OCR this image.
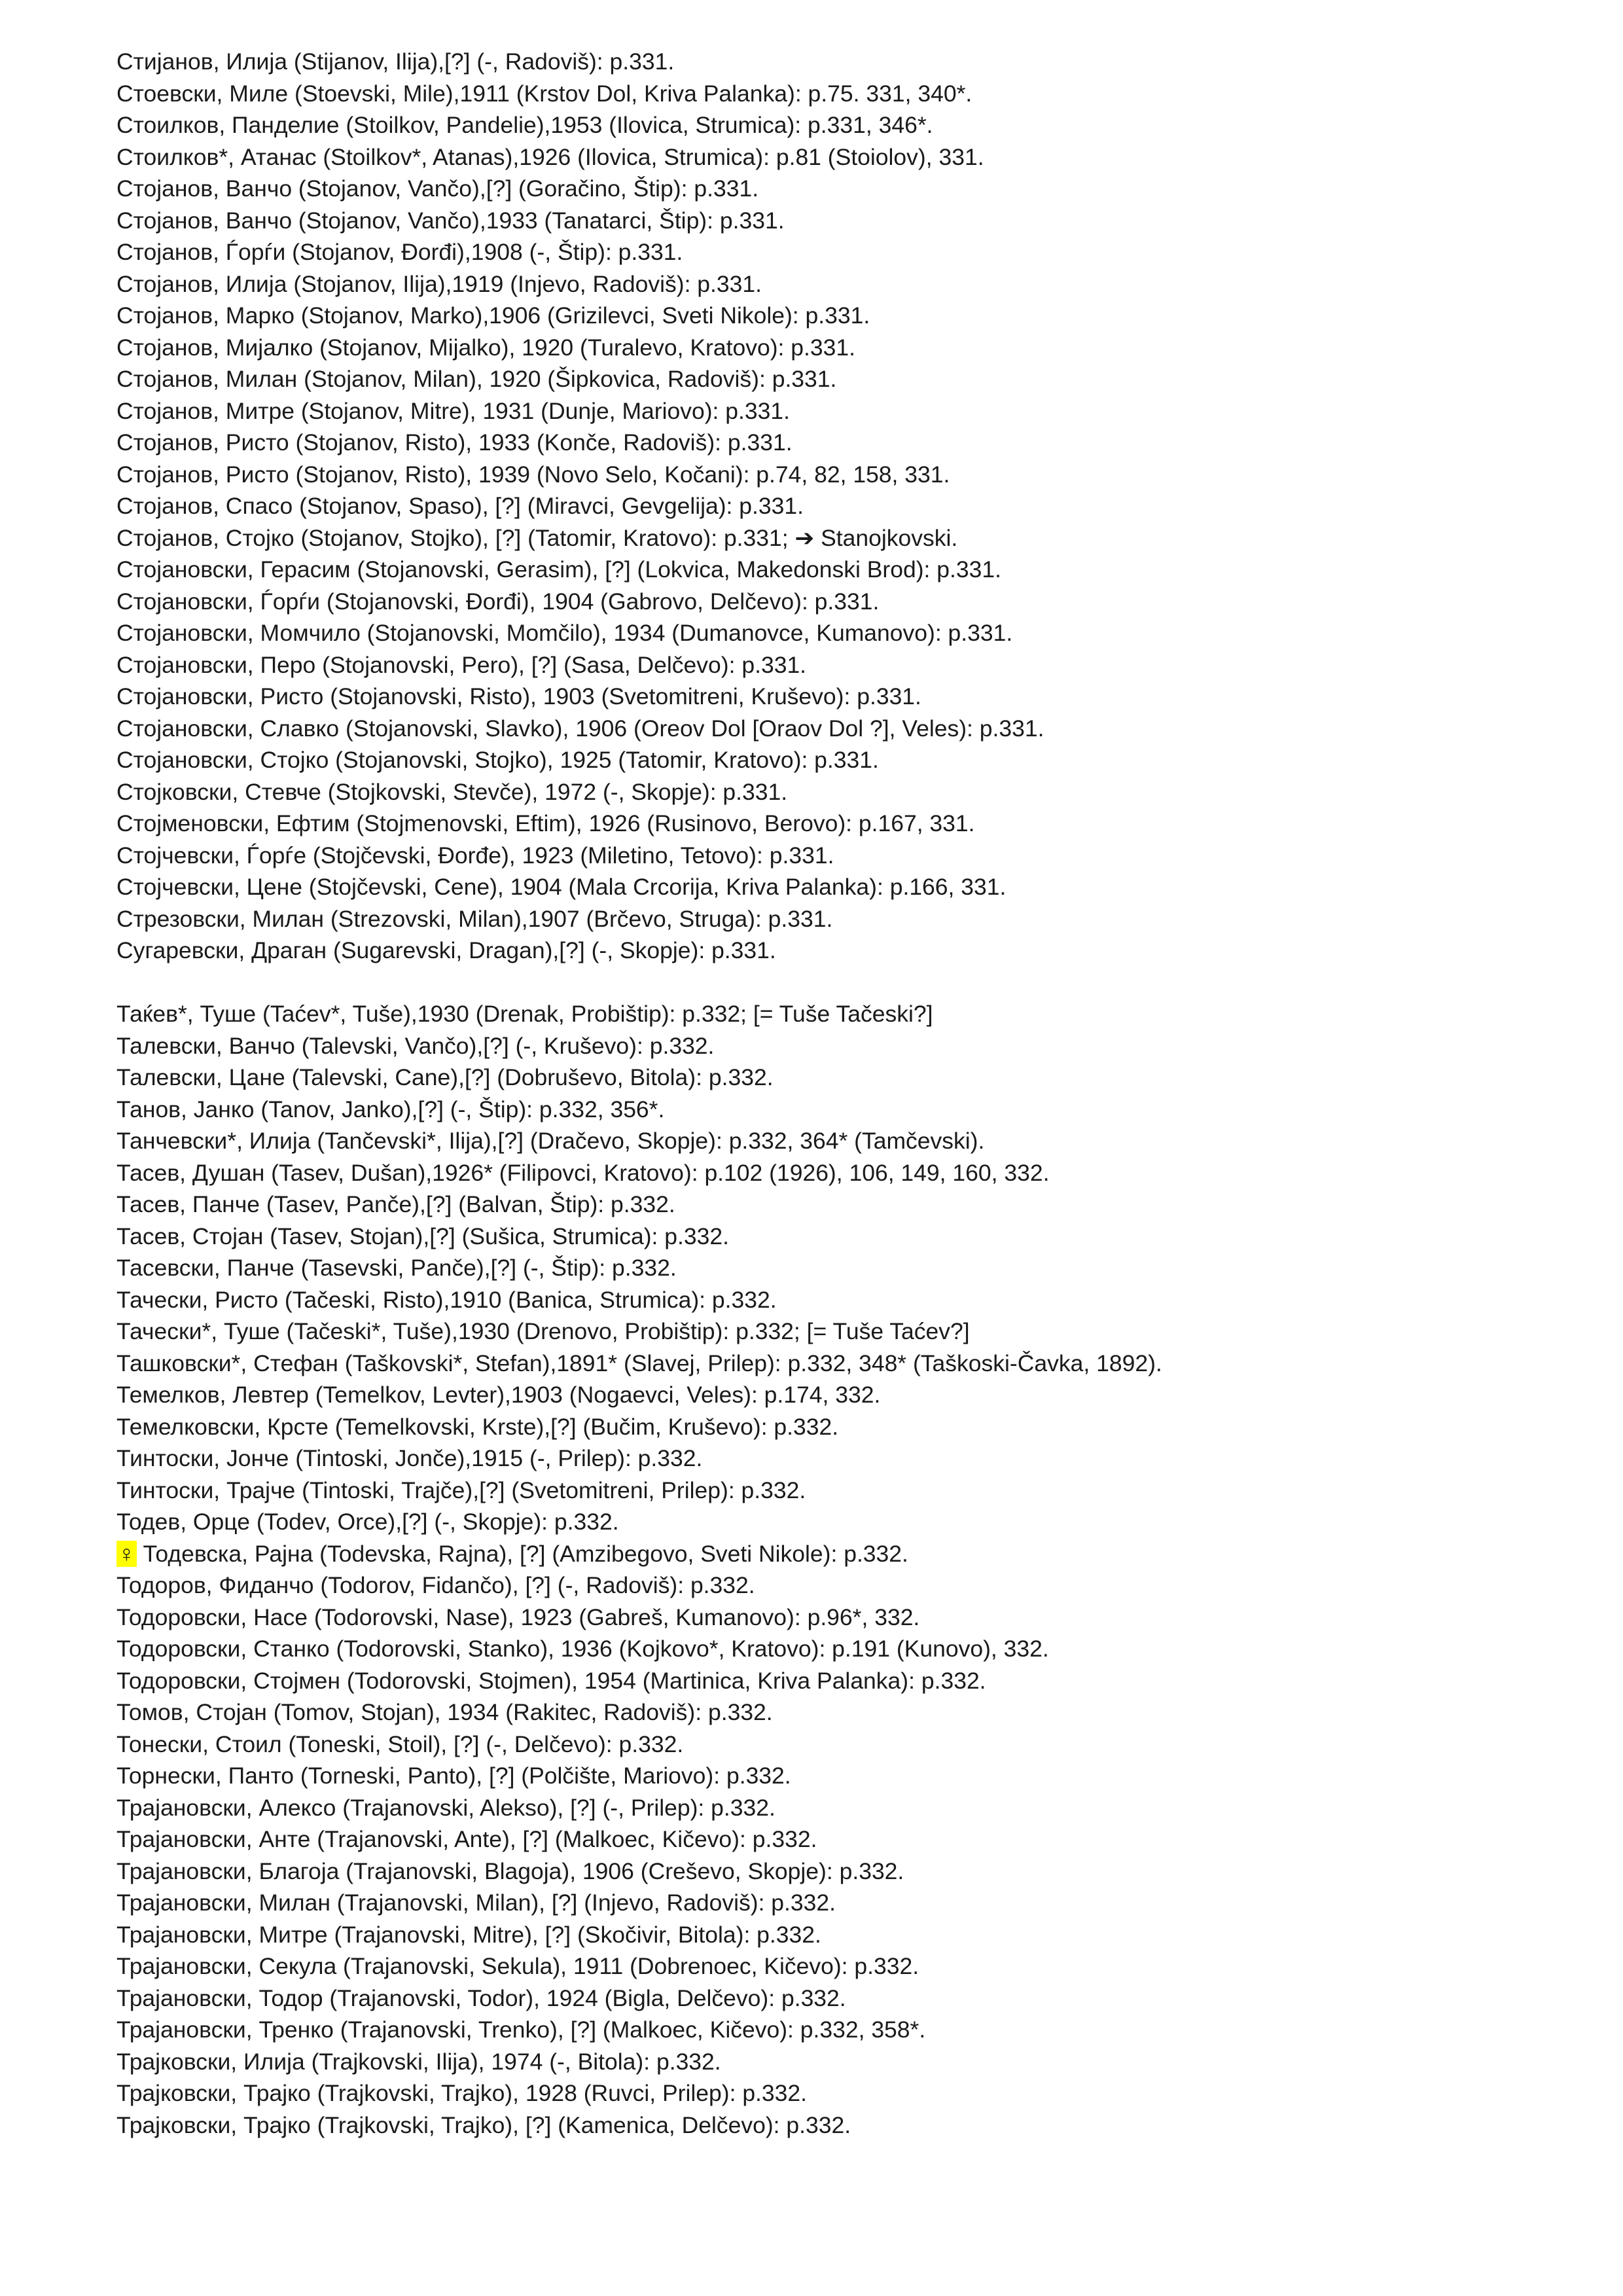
Стијанов, Илија (Stijanov, Ilija),[?] (-, Radoviš): p.331.
Стоевски, Миле (Stoevski, Mile),1911 (Krstov Dol, Kriva Palanka): p.75. 331, 340*.
Стоилков, Панделие (Stoilkov, Pandelie),1953 (Ilovica, Strumica): p.331, 346*.
Стоилков*, Атанас (Stoilkov*, Atanas),1926 (Ilovica, Strumica): p.81 (Stoiolov), 331.
Стојанов, Ванчо (Stojanov, Vančo),[?] (Goračino, Štip): p.331.
Стојанов, Ванчо (Stojanov, Vančo),1933 (Tanatarci, Štip): p.331.
Стојанов, Ѓорѓи (Stojanov, Đorđi),1908 (-, Štip): p.331.
Стојанов, Илија (Stojanov, Ilija),1919 (Injevo, Radoviš): p.331.
Стојанов, Марко (Stojanov, Marko),1906 (Grizilevci, Sveti Nikole): p.331.
Стојанов, Мијалко (Stojanov, Mijalko), 1920 (Turalevo, Kratovo): p.331.
Стојанов, Милан (Stojanov, Milan), 1920 (Šipkovica, Radoviš): p.331.
Стојанов, Митре (Stojanov, Mitre), 1931 (Dunje, Mariovo): p.331.
Стојанов, Ристо (Stojanov, Risto), 1933 (Konče, Radoviš): p.331.
Стојанов, Ристо (Stojanov, Risto), 1939 (Novo Selo, Kočani): p.74, 82, 158, 331.
Стојанов, Спасо (Stojanov, Spaso), [?] (Miravci, Gevgelija): p.331.
Стојанов, Стојко (Stojanov, Stojko), [?] (Tatomir, Kratovo): p.331; ➔ Stanojkovski.
Стојановски, Герасим (Stojanovski, Gerasim), [?] (Lokvica, Makedonski Brod): p.331.
Стојановски, Ѓорѓи (Stojanovski, Đorđi), 1904 (Gabrovo, Delčevo): p.331.
Стојановски, Момчило (Stojanovski, Momčilo), 1934 (Dumanovce, Kumanovo): p.331.
Стојановски, Перо (Stojanovski, Pero), [?] (Sasa, Delčevo): p.331.
Стојановски, Ристо (Stojanovski, Risto), 1903 (Svetomitreni, Kruševo): p.331.
Стојановски, Славко (Stojanovski, Slavko), 1906 (Oreov Dol [Oraov Dol ?], Veles): p.331.
Стојановски, Стојко (Stojanovski, Stojko), 1925 (Tatomir, Kratovo): p.331.
Стојковски, Стевче (Stojkovski, Stevče), 1972 (-, Skopje): p.331.
Стојменовски, Ефтим (Stojmenovski, Eftim), 1926 (Rusinovo, Berovo): p.167, 331.
Стојчевски, Ѓорѓе (Stojčevski, Đorđe), 1923 (Miletino, Tetovo): p.331.
Стојчевски, Цене (Stojčevski, Cene), 1904 (Mala Crcorija, Kriva Palanka): p.166, 331.
Стрезовски, Милан (Strezovski, Milan),1907 (Brčevo, Struga): p.331.
Сугаревски, Драган (Sugarevski, Dragan),[?] (-, Skopje): p.331.
Таќев*, Туше (Taćev*, Tuše),1930 (Drenak, Probištip): p.332; [= Tuše Tačeski?]
Талевски, Ванчо (Talevski, Vančo),[?] (-, Kruševo): p.332.
Талевски, Цане (Talevski, Cane),[?] (Dobruševo, Bitola): p.332.
Танов, Јанко (Tanov, Janko),[?] (-, Štip): p.332, 356*.
Танчевски*, Илија (Tančevski*, Ilija),[?] (Dračevo, Skopje): p.332, 364* (Tamčevski).
Тасев, Душан (Tasev, Dušan),1926* (Filipovci, Kratovo): p.102 (1926), 106, 149, 160, 332.
Тасев, Панче (Tasev, Panče),[?] (Balvan, Štip): p.332.
Тасев, Стојан (Tasev, Stojan),[?] (Sušica, Strumica): p.332.
Тасевски, Панче (Tasevski, Panče),[?] (-, Štip): p.332.
Тачески, Ристо (Tačeski, Risto),1910 (Banica, Strumica): p.332.
Тачески*, Туше (Tačeski*, Tuše),1930 (Drenovo, Probištip): p.332; [= Tuše Taćev?]
Ташковски*, Стефан (Taškovski*, Stefan),1891* (Slavej, Prilep): p.332, 348* (Taškoski-Čavka, 1892).
Темелков, Левтер (Temelkov, Levter),1903 (Nogaevci, Veles): p.174, 332.
Темелковски, Крсте (Temelkovski, Krste),[?] (Bučim, Kruševo): p.332.
Тинтоски, Јонче (Tintoski, Jonče),1915 (-, Prilep): p.332.
Тинтоски, Трајче (Tintoski, Trajče),[?] (Svetomitreni, Prilep): p.332.
Тодев, Орце (Todev, Orce),[?] (-, Skopje): p.332.
♀ Тодевска, Рајна (Todevska, Rajna), [?] (Amzibegovo, Sveti Nikole): p.332.
Тодоров, Фиданчо (Todorov, Fidančo), [?] (-, Radoviš): p.332.
Тодоровски, Насе (Todorovski, Nase), 1923 (Gabreš, Kumanovo): p.96*, 332.
Тодоровски, Станко (Todorovski, Stanko), 1936 (Kojkovo*, Kratovo): p.191 (Kunovo), 332.
Тодоровски, Стојмен (Todorovski, Stojmen), 1954 (Martinica, Kriva Palanka): p.332.
Томов, Стојан (Tomov, Stojan), 1934 (Rakitec, Radoviš): p.332.
Тонески, Стоил (Toneski, Stoil), [?] (-, Delčevo): p.332.
Торнески, Панто (Torneski, Panto), [?] (Polčište, Mariovo): p.332.
Трајановски, Алексо (Trajanovski, Alekso), [?] (-, Prilep): p.332.
Трајановски, Анте (Trajanovski, Ante), [?] (Malkoec, Kičevo): p.332.
Трајановски, Благоја (Trajanovski, Blagoja), 1906 (Creševo, Skopje): p.332.
Трајановски, Милан (Trajanovski, Milan), [?] (Injevo, Radoviš): p.332.
Трајановски, Митре (Trajanovski, Mitre), [?] (Skočivir, Bitola): p.332.
Трајановски, Секула (Trajanovski, Sekula), 1911 (Dobrenoec, Kičevo): p.332.
Трајановски, Тодор (Trajanovski, Todor), 1924 (Bigla, Delčevo): p.332.
Трајановски, Тренко (Trajanovski, Trenko), [?] (Malkoec, Kičevo): p.332, 358*.
Трајковски, Илија (Trajkovski, Ilija), 1974 (-, Bitola): p.332.
Трајковски, Трајко (Trajkovski, Trajko), 1928 (Ruvci, Prilep): p.332.
Трајковски, Трајко (Trajkovski, Trajko), [?] (Kamenica, Delčevo): p.332.
